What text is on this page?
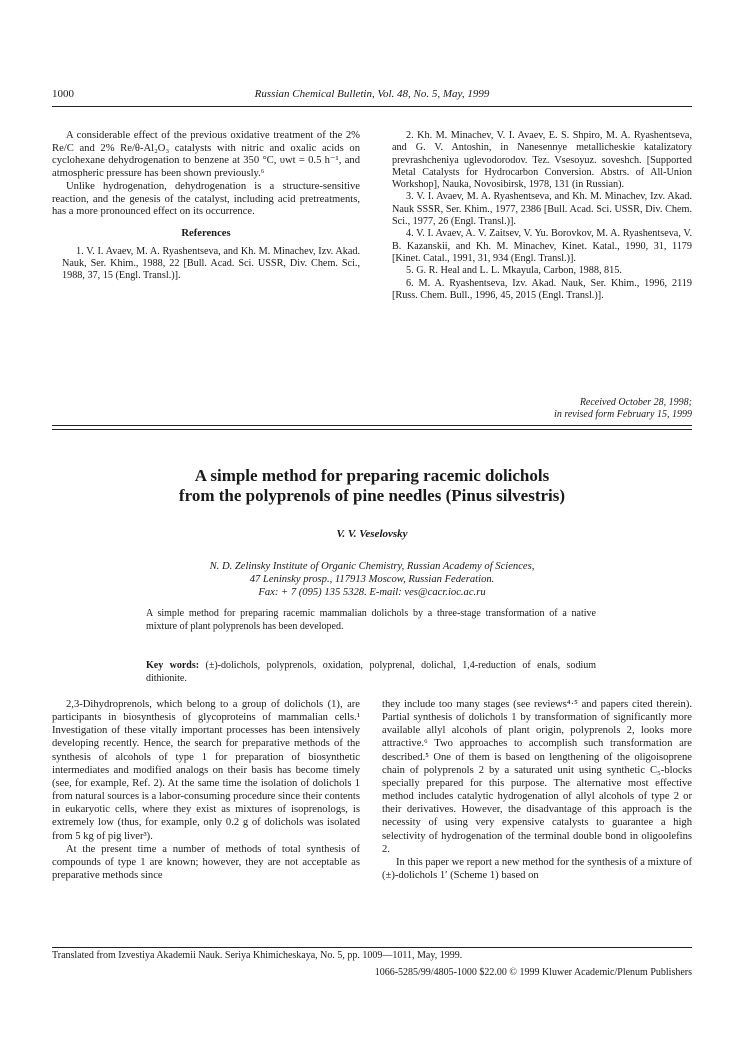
1000	Russian Chemical Bulletin, Vol. 48, No. 5, May, 1999

A considerable effect of the previous oxidative treatment of the 2% Re/C and 2% Re/θ-Al₂O₃ catalysts with nitric and oxalic acids on cyclohexane dehydrogenation to benzene at 350 °C, υwt = 0.5 h⁻¹, and atmospheric pressure has been shown previously.⁶

Unlike hydrogenation, dehydrogenation is a structure-sensitive reaction, and the genesis of the catalyst, including acid pretreatments, has a more pronounced effect on its occurrence.

References

1. V. I. Avaev, M. A. Ryashentseva, and Kh. M. Minachev, Izv. Akad. Nauk, Ser. Khim., 1988, 22 [Bull. Acad. Sci. USSR, Div. Chem. Sci., 1988, 37, 15 (Engl. Transl.)].

2. Kh. M. Minachev, V. I. Avaev, E. S. Shpiro, M. A. Ryashentseva, and G. V. Antoshin, in Nanesennye metallicheskie katalizatory prevrashcheniya uglevodorodov. Tez. Vsesoyuz. soveshch. [Supported Metal Catalysts for Hydrocarbon Conversion. Abstrs. of All-Union Workshop], Nauka, Novosibirsk, 1978, 131 (in Russian).

3. V. I. Avaev, M. A. Ryashentseva, and Kh. M. Minachev, Izv. Akad. Nauk SSSR, Ser. Khim., 1977, 2386 [Bull. Acad. Sci. USSR, Div. Chem. Sci., 1977, 26 (Engl. Transl.)].

4. V. I. Avaev, A. V. Zaitsev, V. Yu. Borovkov, M. A. Ryashentseva, V. B. Kazanskii, and Kh. M. Minachev, Kinet. Katal., 1990, 31, 1179 [Kinet. Catal., 1991, 31, 934 (Engl. Transl.)].

5. G. R. Heal and L. L. Mkayula, Carbon, 1988, 815.

6. M. A. Ryashentseva, Izv. Akad. Nauk, Ser. Khim., 1996, 2119 [Russ. Chem. Bull., 1996, 45, 2015 (Engl. Transl.)].

Received October 28, 1998;
in revised form February 15, 1999
A simple method for preparing racemic dolichols
from the polyprenols of pine needles (Pinus silvestris)
V. V. Veselovsky
N. D. Zelinsky Institute of Organic Chemistry, Russian Academy of Sciences,
47 Leninsky prosp., 117913 Moscow, Russian Federation.
Fax: + 7 (095) 135 5328. E-mail: ves@cacr.ioc.ac.ru
A simple method for preparing racemic mammalian dolichols by a three-stage transformation of a native mixture of plant polyprenols has been developed.
Key words: (±)-dolichols, polyprenols, oxidation, polyprenal, dolichal, 1,4-reduction of enals, sodium dithionite.

2,3-Dihydroprenols, which belong to a group of dolichols (1), are participants in biosynthesis of glycoproteins of mammalian cells.¹ Investigation of these vitally important processes has been intensively developing recently. Hence, the search for preparative methods of the synthesis of alcohols of type 1 for preparation of biosynthetic intermediates and modified analogs on their basis has become timely (see, for example, Ref. 2). At the same time the isolation of dolichols 1 from natural sources is a labor-consuming procedure since their contents in eukaryotic cells, where they exist as mixtures of isoprenologs, is extremely low (thus, for example, only 0.2 g of dolichols was isolated from 5 kg of pig liver³).

At the present time a number of methods of total synthesis of compounds of type 1 are known; however, they are not acceptable as preparative methods since

they include too many stages (see reviews⁴·⁵ and papers cited therein). Partial synthesis of dolichols 1 by transformation of significantly more available allyl alcohols of plant origin, polyprenols 2, looks more attractive.⁶ Two approaches to accomplish such transformation are described.⁵ One of them is based on lengthening of the oligoisoprene chain of polyprenols 2 by a saturated unit using synthetic C₅-blocks specially prepared for this purpose. The alternative most effective method includes catalytic hydrogenation of allyl alcohols of type 2 or their derivatives. However, the disadvantage of this approach is the necessity of using very expensive catalysts to guarantee a high selectivity of hydrogenation of the terminal double bond in oligoolefins 2.

In this paper we report a new method for the synthesis of a mixture of (±)-dolichols 1′ (Scheme 1) based on

Translated from Izvestiya Akademii Nauk. Seriya Khimicheskaya, No. 5, pp. 1009—1011, May, 1999.
1066-5285/99/4805-1000 $22.00 © 1999 Kluwer Academic/Plenum Publishers
